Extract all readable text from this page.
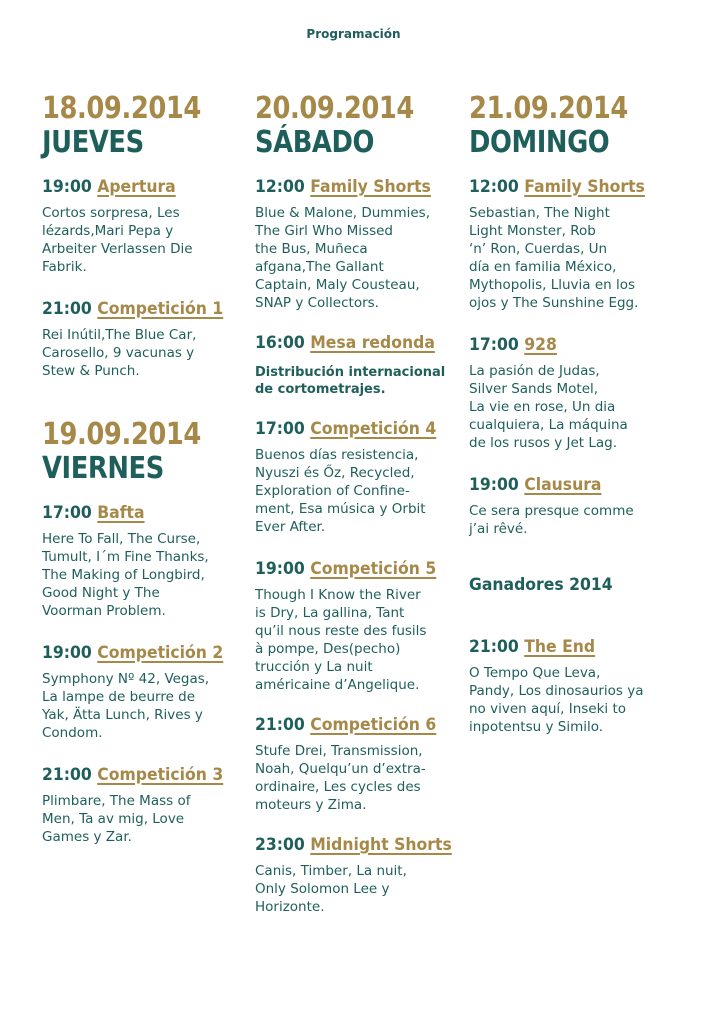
Programación
18.09.2014
JUEVES
19:00 Apertura
Cortos sorpresa, Les
lézards,Mari Pepa y
Arbeiter Verlassen Die
Fabrik.
21:00 Competición 1
Rei Inútil,The Blue Car,
Carosello, 9 vacunas y
Stew & Punch.
19.09.2014
VIERNES
17:00 Bafta
Here To Fall, The Curse,
Tumult, I´m Fine Thanks,
The Making of Longbird,
Good Night y The
Voorman Problem.
19:00 Competición 2
Symphony Nº 42, Vegas,
La lampe de beurre de
Yak, Ätta Lunch, Rives y
Condom.
21:00 Competición 3
Plimbare, The Mass of
Men, Ta av mig, Love
Games y Zar.
20.09.2014
SÁBADO
12:00 Family Shorts
Blue & Malone, Dummies,
The Girl Who Missed
the Bus, Muñeca
afgana,The Gallant
Captain, Maly Cousteau,
SNAP y Collectors.
16:00 Mesa redonda
Distribución internacional
de cortometrajes.
17:00 Competición 4
Buenos días resistencia,
Nyuszi és Őz, Recycled,
Exploration of Confine-
ment, Esa música y Orbit
Ever After.
19:00 Competición 5
Though I Know the River
is Dry, La gallina, Tant
qu’il nous reste des fusils
à pompe, Des(pecho)
trucción y La nuit
américaine d’Angelique.
21:00 Competición 6
Stufe Drei, Transmission,
Noah, Quelqu’un d’extra-
ordinaire, Les cycles des
moteurs y Zima.
23:00 Midnight Shorts
Canis, Timber, La nuit,
Only Solomon Lee y
Horizonte.
21.09.2014
DOMINGO
12:00 Family Shorts
Sebastian, The Night
Light Monster, Rob
‘n’ Ron, Cuerdas, Un
día en familia México,
Mythopolis, Lluvia en los
ojos y The Sunshine Egg.
17:00 928
La pasión de Judas,
Silver Sands Motel,
La vie en rose, Un dia
cualquiera, La máquina
de los rusos y Jet Lag.
19:00 Clausura
Ce sera presque comme
j’ai rêvé.
Ganadores 2014
21:00 The End
O Tempo Que Leva,
Pandy, Los dinosaurios ya
no viven aquí, Inseki to
inpotentsu y Similo.
